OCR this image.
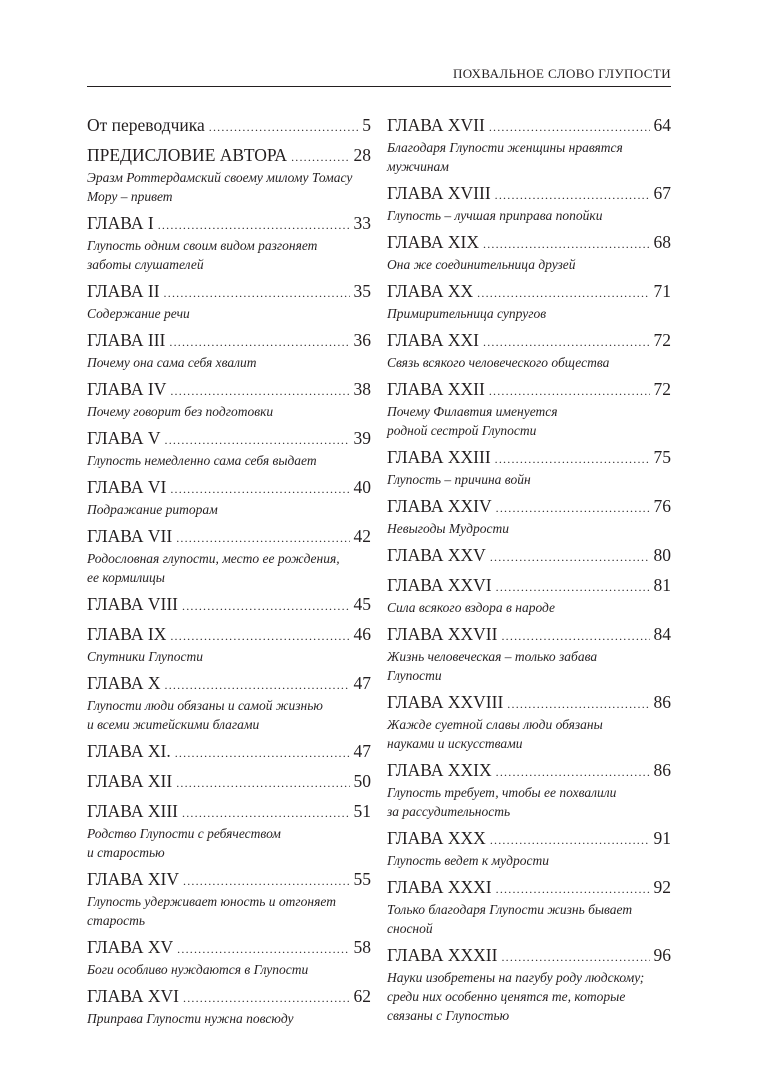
ПОХВАЛЬНОЕ СЛОВО ГЛУПОСТИ
От переводчика .....	5
ПРЕДИСЛОВИЕ АВТОРА .....	28
Эразм Роттердамский своему милому Томасу
Мору – привет
ГЛАВА I .....	33
Глупость одним своим видом разгоняет
заботы слушателей
ГЛАВА II .....	35
Содержание речи
ГЛАВА III .....	36
Почему она сама себя хвалит
ГЛАВА IV .....	38
Почему говорит без подготовки
ГЛАВА V .....	39
Глупость немедленно сама себя выдает
ГЛАВА VI .....	40
Подражание риторам
ГЛАВА VII .....	42
Родословная глупости, место ее рождения,
ее кормилицы
ГЛАВА VIII .....	45
ГЛАВА IX .....	46
Спутники Глупости
ГЛАВА X .....	47
Глупости люди обязаны и самой жизнью
и всеми житейскими благами
ГЛАВА XI. .....	47
ГЛАВА XII .....	50
ГЛАВА XIII .....	51
Родство Глупости с ребячеством
и старостью
ГЛАВА XIV .....	55
Глупость удерживает юность и отгоняет
старость
ГЛАВА XV .....	58
Боги особливо нуждаются в Глупости
ГЛАВА XVI .....	62
Приправа Глупости нужна повсюду
ГЛАВА XVII .....	64
Благодаря Глупости женщины нравятся
мужчинам
ГЛАВА XVIII .....	67
Глупость – лучшая приправа попойки
ГЛАВА XIX .....	68
Она же соединительница друзей
ГЛАВА XX .....	71
Примирительница супругов
ГЛАВА XXI .....	72
Связь всякого человеческого общества
ГЛАВА XXII .....	72
Почему Филавтия именуется
родной сестрой Глупости
ГЛАВА XXIII .....	75
Глупость – причина войн
ГЛАВА XXIV .....	76
Невыгоды Мудрости
ГЛАВА XXV .....	80
ГЛАВА XXVI .....	81
Сила всякого вздора в народе
ГЛАВА XXVII .....	84
Жизнь человеческая – только забава
Глупости
ГЛАВА XXVIII .....	86
Жажде суетной славы люди обязаны
науками и искусствами
ГЛАВА XXIX .....	86
Глупость требует, чтобы ее похвалили
за рассудительность
ГЛАВА XXX .....	91
Глупость ведет к мудрости
ГЛАВА XXXI .....	92
Только благодаря Глупости жизнь бывает
сносной
ГЛАВА XXXII .....	96
Науки изобретены на пагубу роду людскому;
среди них особенно ценятся те, которые
связаны с Глупостью
